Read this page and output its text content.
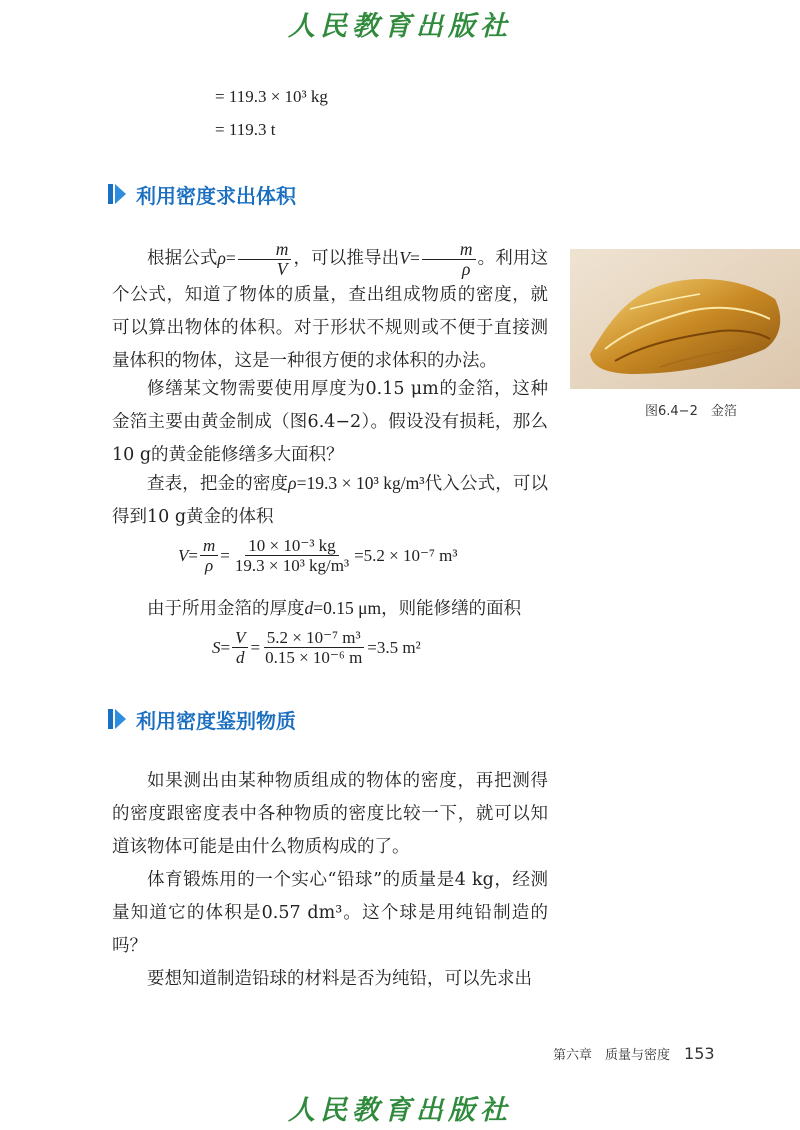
人民教育出版社
= 119.3 × 10³ kg
= 119.3 t
利用密度求出体积
根据公式$\rho= \frac{m}{V}$ ，可以推导出$V= \frac{m}{\rho}$ 。利用这个公式，知道了物体的质量，查出组成物质的密度，就可以算出物体的体积。对于形状不规则或不便于直接测量体积的物体，这是一种很方便的求体积的办法。
修缮某文物需要使用厚度为0.15 μm的金箔，这种金箔主要由黄金制成（图6.4−2）。假设没有损耗，那么10 g的黄金能修缮多大面积？
查表，把金的密度ρ=19.3 × 10³ kg/m³代入公式，可以得到10 g黄金的体积
$V = \frac{m}{\rho} = \frac{\text{10 × 10⁻³ kg}}{\text{19.3 × 10³ kg/m³}} =5.2 \times 10^{-7}$ m³
由于所用金箔的厚度d=0.15 μm，则能修缮的面积
$S = \frac{V}{d} = \frac{\text{5.2 × 10⁻⁷ m³}}{\text{0.15 × 10⁻⁶ m}} =3.5$ m²
利用密度鉴别物质
如果测出由某种物质组成的物体的密度，再把测得的密度跟密度表中各种物质的密度比较一下，就可以知道该物体可能是由什么物质构成的了。
体育锻炼用的一个实心“铅球”的质量是4 kg，经测量知道它的体积是0.57 dm³。这个球是用纯铅制造的吗？
要想知道制造铅球的材料是否为纯铅，可以先求出
图6.4−2　金箔
第六章　质量与密度 153
人民教育出版社
